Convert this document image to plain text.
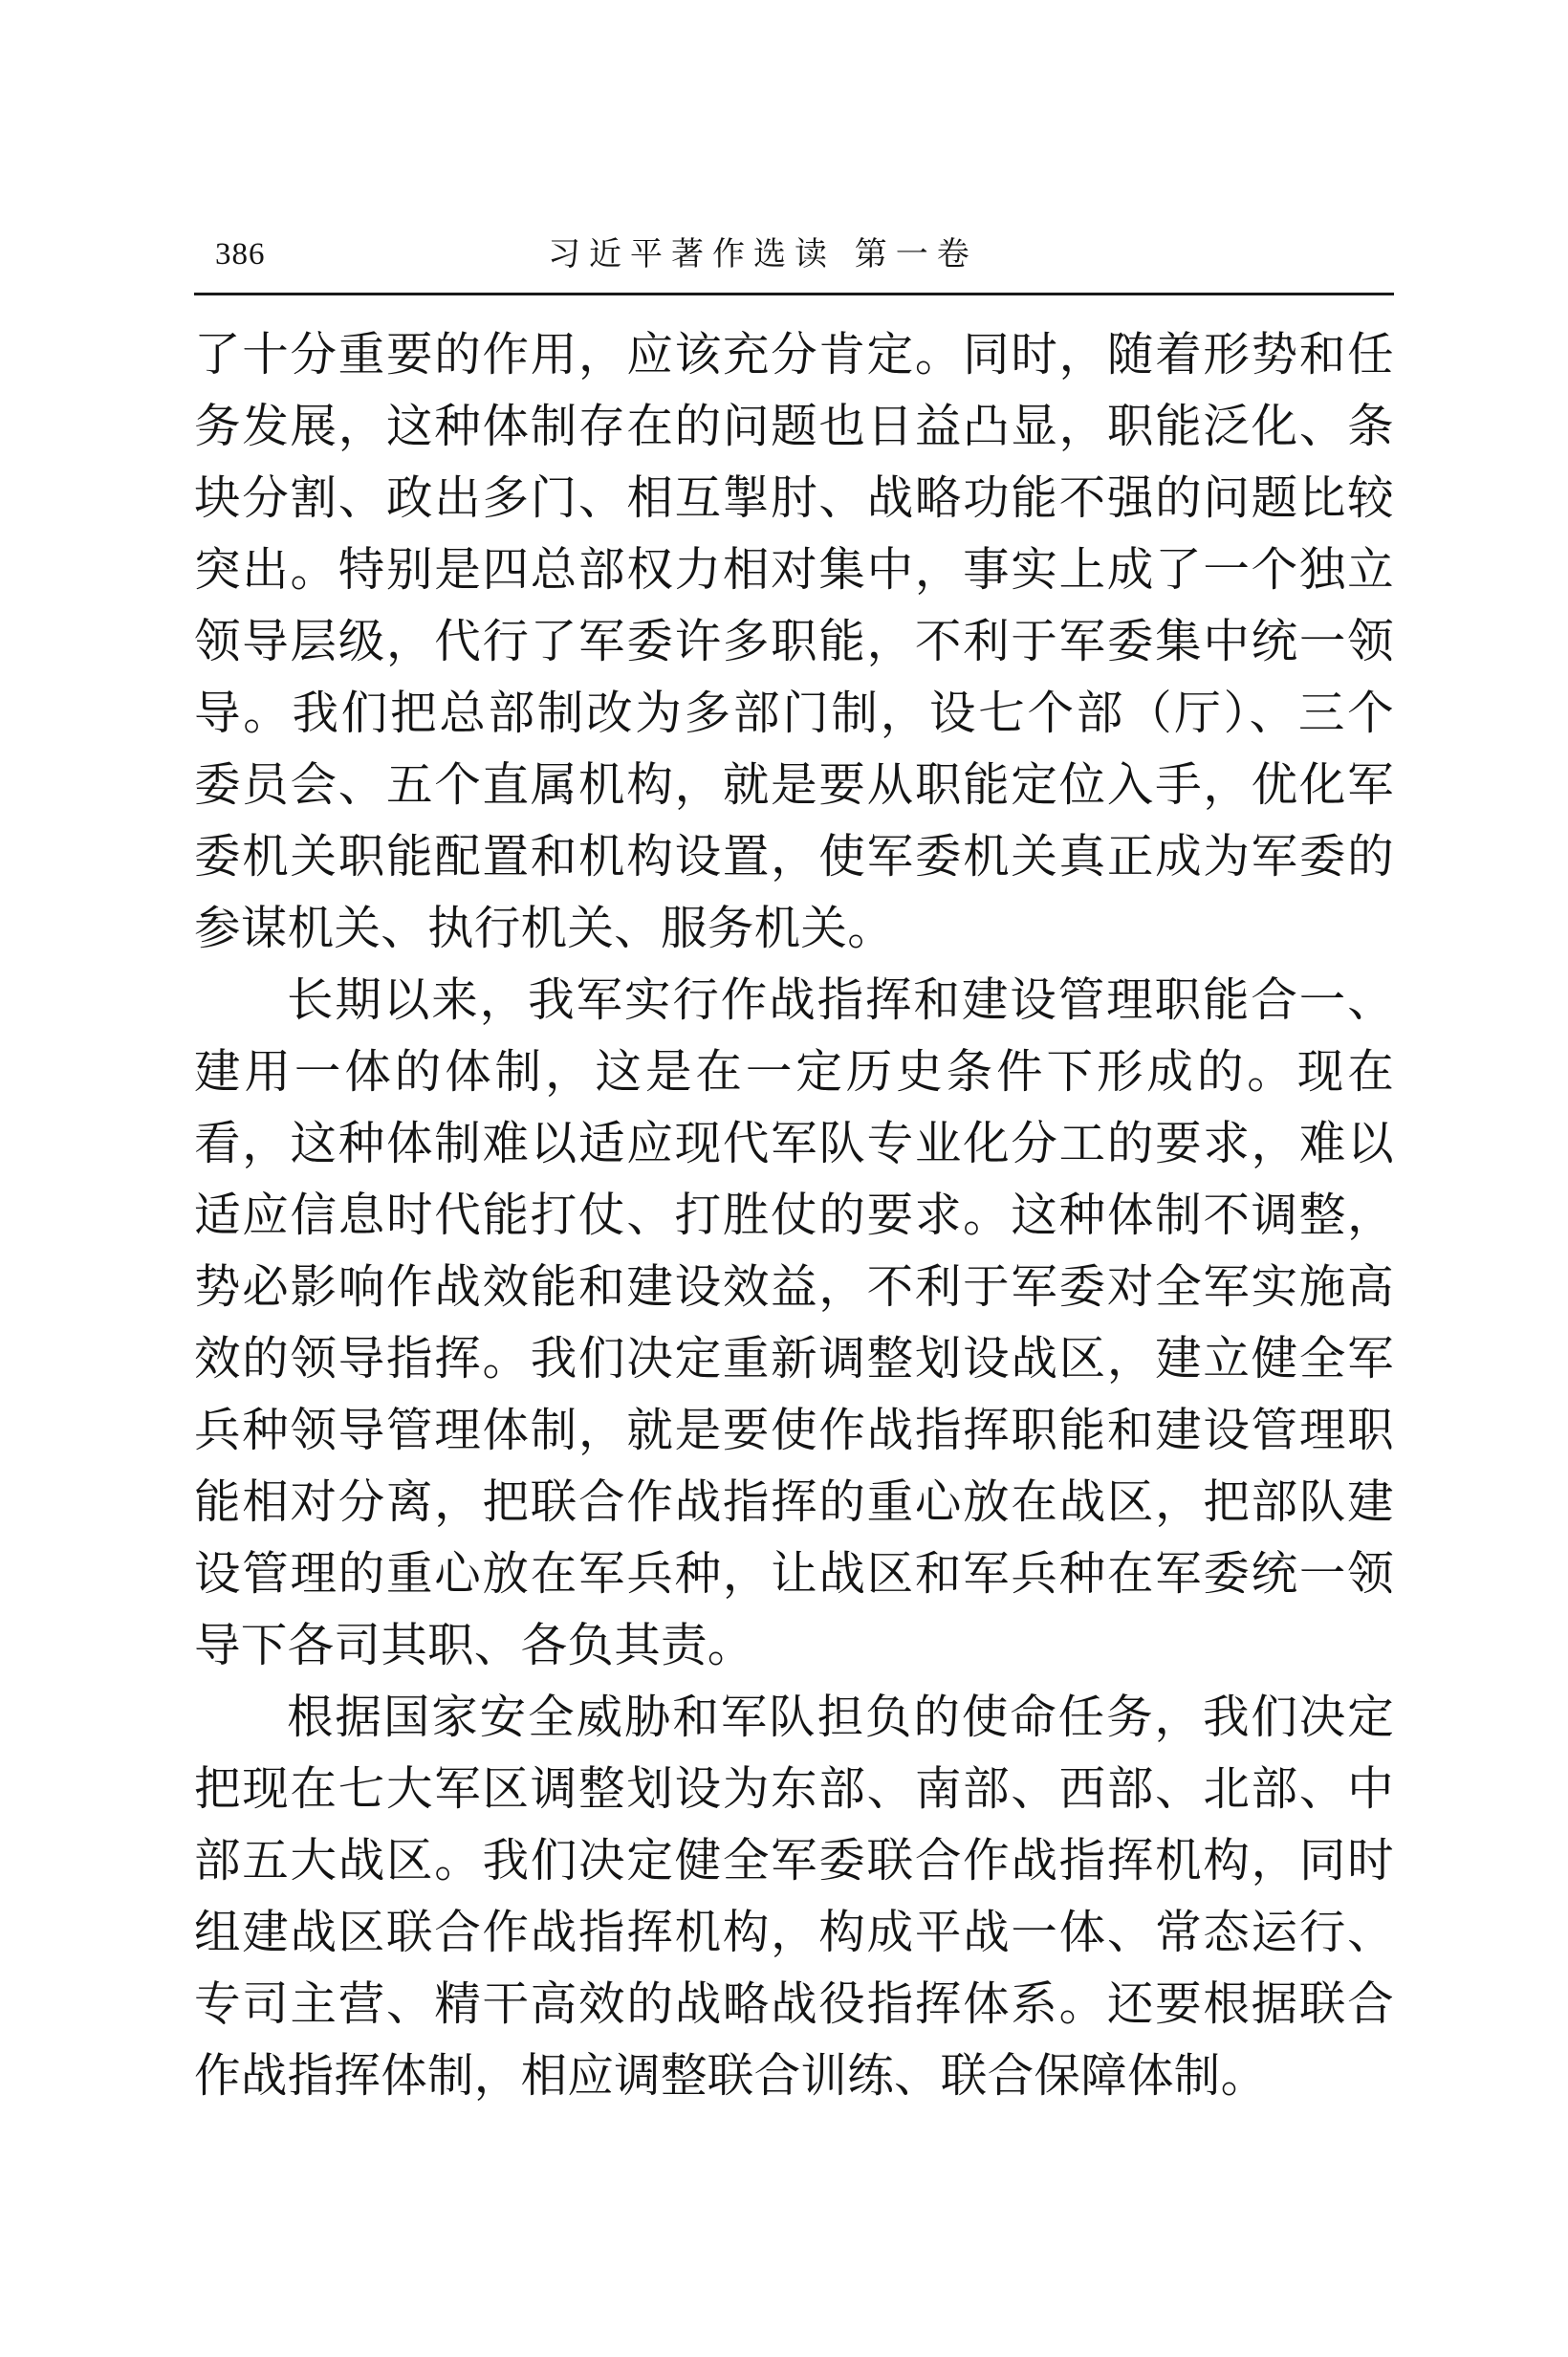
386	习近平著作选读 第一卷
了十分重要的作用，应该充分肯定。同时，随着形势和任
务发展，这种体制存在的问题也日益凸显，职能泛化、条
块分割、政出多门、相互掣肘、战略功能不强的问题比较
突出。特别是四总部权力相对集中，事实上成了一个独立
领导层级，代行了军委许多职能，不利于军委集中统一领
导。我们把总部制改为多部门制，设七个部（厅）、三个
委员会、五个直属机构，就是要从职能定位入手，优化军
委机关职能配置和机构设置，使军委机关真正成为军委的
参谋机关、执行机关、服务机关。
长期以来，我军实行作战指挥和建设管理职能合一、
建用一体的体制，这是在一定历史条件下形成的。现在
看，这种体制难以适应现代军队专业化分工的要求，难以
适应信息时代能打仗、打胜仗的要求。这种体制不调整，
势必影响作战效能和建设效益，不利于军委对全军实施高
效的领导指挥。我们决定重新调整划设战区，建立健全军
兵种领导管理体制，就是要使作战指挥职能和建设管理职
能相对分离，把联合作战指挥的重心放在战区，把部队建
设管理的重心放在军兵种，让战区和军兵种在军委统一领
导下各司其职、各负其责。
根据国家安全威胁和军队担负的使命任务，我们决定
把现在七大军区调整划设为东部、南部、西部、北部、中
部五大战区。我们决定健全军委联合作战指挥机构，同时
组建战区联合作战指挥机构，构成平战一体、常态运行、
专司主营、精干高效的战略战役指挥体系。还要根据联合
作战指挥体制，相应调整联合训练、联合保障体制。
